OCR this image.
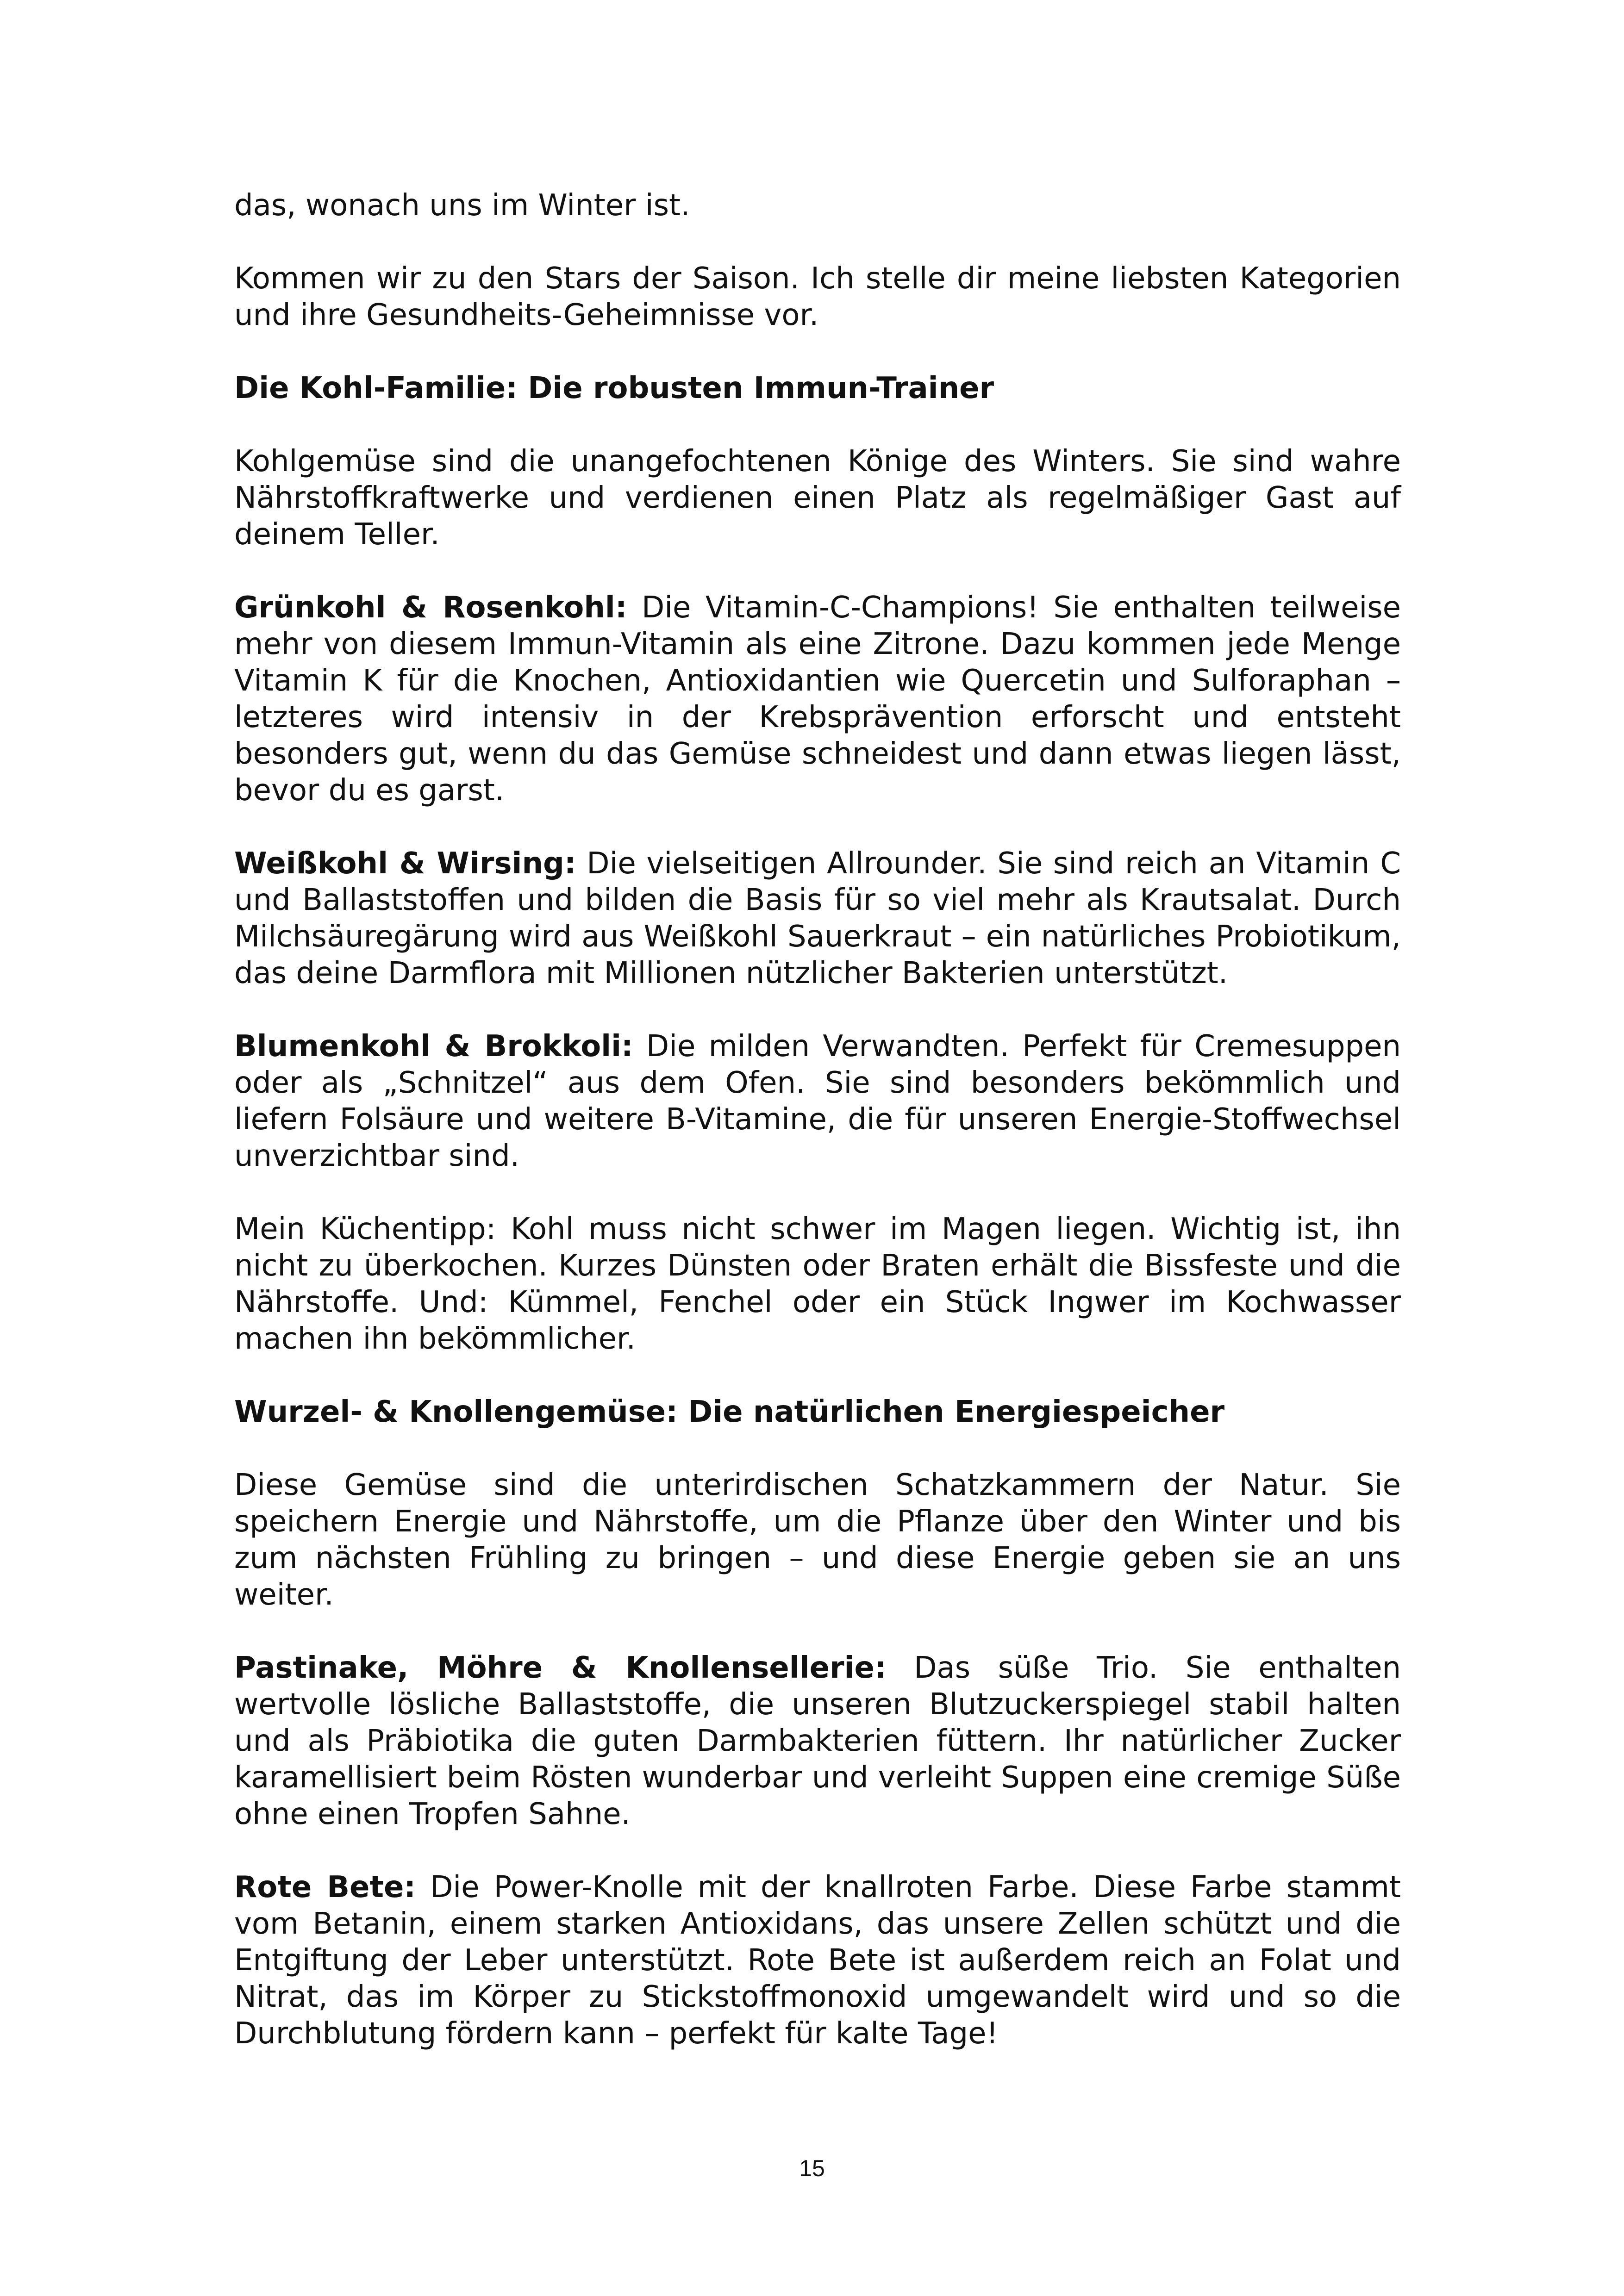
das, wonach uns im Winter ist.

Kommen wir zu den Stars der Saison. Ich stelle dir meine liebsten Kategorien und ihre Gesundheits-Geheimnisse vor.

Die Kohl-Familie: Die robusten Immun-Trainer

Kohlgemüse sind die unangefochtenen Könige des Winters. Sie sind wahre Nährstoffkraftwerke und verdienen einen Platz als regelmäßiger Gast auf deinem Teller.

Grünkohl & Rosenkohl: Die Vitamin-C-Champions! Sie enthalten teilweise mehr von diesem Immun-Vitamin als eine Zitrone. Dazu kommen jede Menge Vitamin K für die Knochen, Antioxidantien wie Quercetin und Sulforaphan – letzteres wird intensiv in der Krebsprävention erforscht und entsteht besonders gut, wenn du das Gemüse schneidest und dann etwas liegen lässt, bevor du es garst.

Weißkohl & Wirsing: Die vielseitigen Allrounder. Sie sind reich an Vitamin C und Ballaststoffen und bilden die Basis für so viel mehr als Krautsalat. Durch Milchsäuregärung wird aus Weißkohl Sauerkraut – ein natürliches Probiotikum, das deine Darmflora mit Millionen nützlicher Bakterien unterstützt.

Blumenkohl & Brokkoli: Die milden Verwandten. Perfekt für Cremesuppen oder als „Schnitzel“ aus dem Ofen. Sie sind besonders bekömmlich und liefern Folsäure und weitere B-Vitamine, die für unseren Energie-Stoffwechsel unverzichtbar sind.

Mein Küchentipp: Kohl muss nicht schwer im Magen liegen. Wichtig ist, ihn nicht zu überkochen. Kurzes Dünsten oder Braten erhält die Bissfeste und die Nährstoffe. Und: Kümmel, Fenchel oder ein Stück Ingwer im Kochwasser machen ihn bekömmlicher.

Wurzel- & Knollengemüse: Die natürlichen Energiespeicher

Diese Gemüse sind die unterirdischen Schatzkammern der Natur. Sie speichern Energie und Nährstoffe, um die Pflanze über den Winter und bis zum nächsten Frühling zu bringen – und diese Energie geben sie an uns weiter.

Pastinake, Möhre & Knollensellerie: Das süße Trio. Sie enthalten wertvolle lösliche Ballaststoffe, die unseren Blutzuckerspiegel stabil halten und als Präbiotika die guten Darmbakterien füttern. Ihr natürlicher Zucker karamellisiert beim Rösten wunderbar und verleiht Suppen eine cremige Süße ohne einen Tropfen Sahne.

Rote Bete: Die Power-Knolle mit der knallroten Farbe. Diese Farbe stammt vom Betanin, einem starken Antioxidans, das unsere Zellen schützt und die Entgiftung der Leber unterstützt. Rote Bete ist außerdem reich an Folat und Nitrat, das im Körper zu Stickstoffmonoxid umgewandelt wird und so die Durchblutung fördern kann – perfekt für kalte Tage!

15
